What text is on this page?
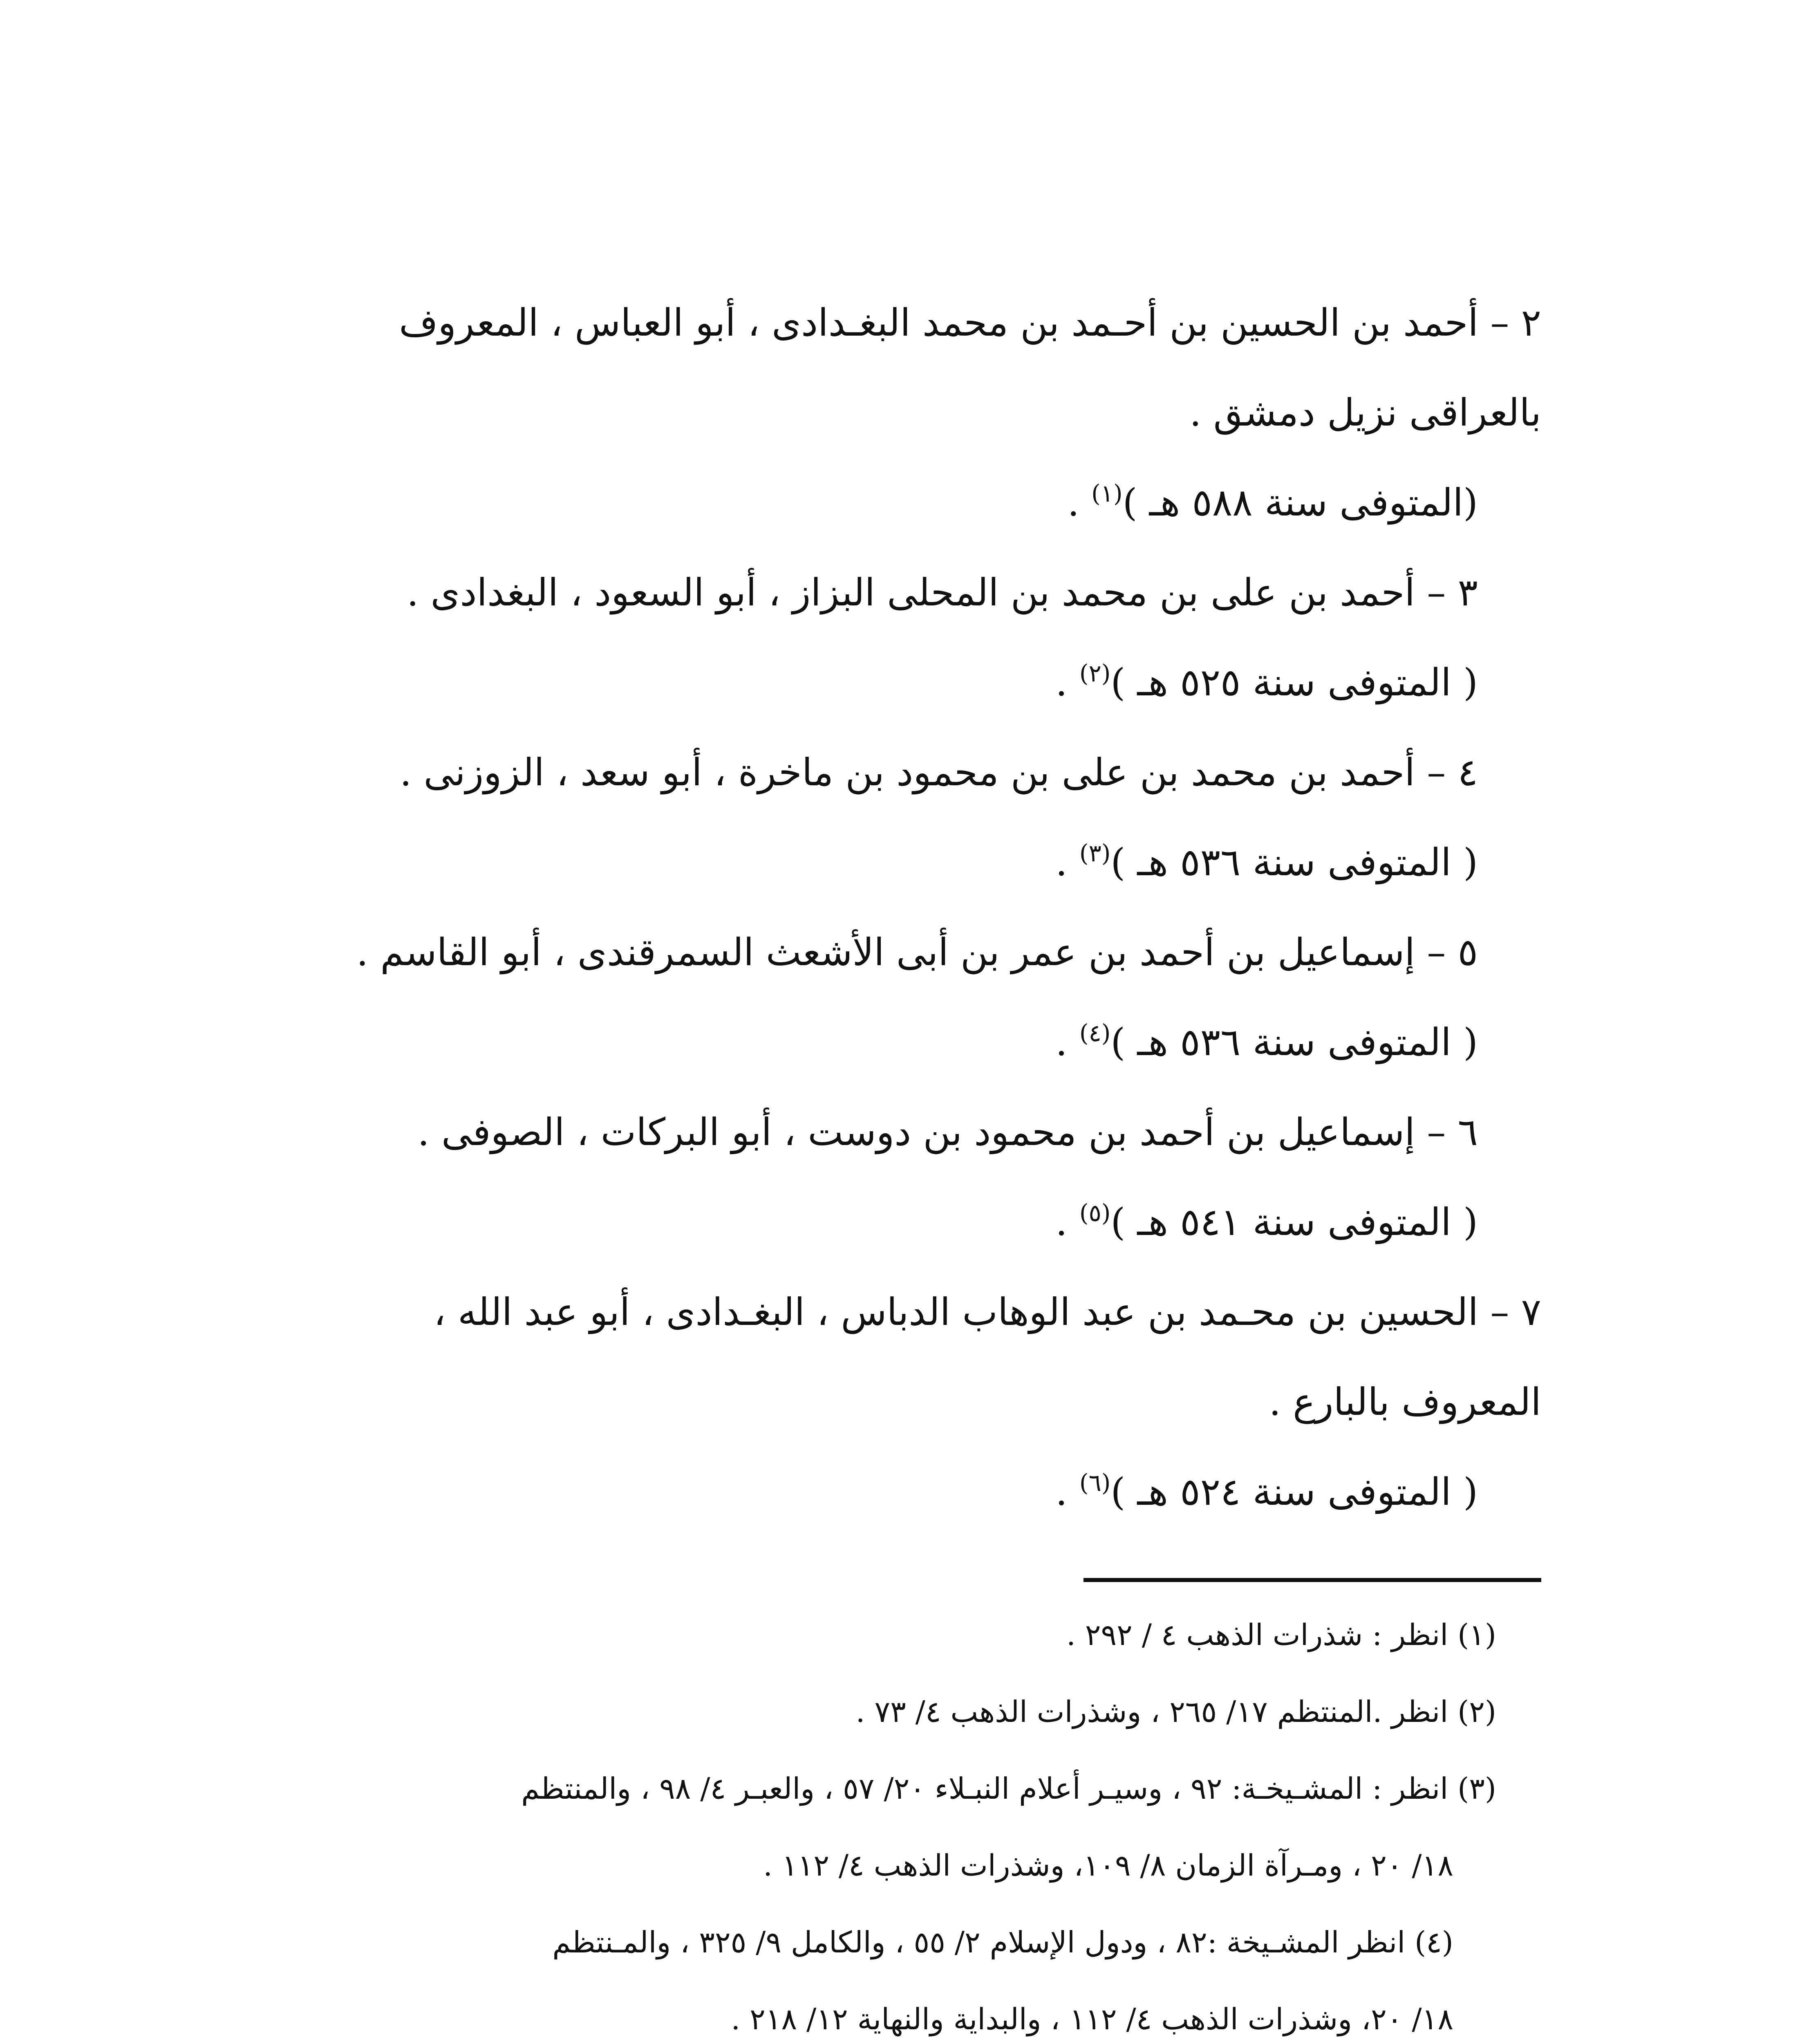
٢ – أحمد بن الحسين بن أحـمد بن محمد البغـدادى ، أبو العباس ، المعروف
بالعراقى نزيل دمشق .
(المتوفى سنة ٥٨٨ هـ )$^{(١)}$ .
٣ – أحمد بن على بن محمد بن المحلى البزاز ، أبو السعود ، البغدادى .
( المتوفى سنة ٥٢٥ هـ )$^{(٢)}$ .
٤ – أحمد بن محمد بن على بن محمود بن ماخرة ، أبو سعد ، الزوزنى .
( المتوفى سنة ٥٣٦ هـ )$^{(٣)}$ .
٥ – إسماعيل بن أحمد بن عمر بن أبى الأشعث السمرقندى ، أبو القاسم .
( المتوفى سنة ٥٣٦ هـ )$^{(٤)}$ .
٦ – إسماعيل بن أحمد بن محمود بن دوست ، أبو البركات ، الصوفى .
( المتوفى سنة ٥٤١ هـ )$^{(٥)}$ .
٧ – الحسين بن محـمد بن عبد الوهاب الدباس ، البغـدادى ، أبو عبد الله ،
المعروف بالبارع .
( المتوفى سنة ٥٢٤ هـ )$^{(٦)}$ .
(١) انظر : شذرات الذهب ٤ / ٢٩٢ .
(٢) انظر .المنتظم ١٧/ ٢٦٥ ، وشذرات الذهب ٤/ ٧٣ .
(٣) انظر : المشـيخـة: ٩٢ ، وسيـر أعلام النبـلاء ٢٠/ ٥٧ ، والعبـر ٤/ ٩٨ ، والمنتظم
١٨/ ٢٠ ، ومـرآة الزمان ٨/ ١٠٩، وشذرات الذهب ٤/ ١١٢ .
(٤) انظر المشـيخة :٨٢ ، ودول الإسلام ٢/ ٥٥ ، والكامل ٩/ ٣٢٥ ، والمـنتظم
١٨/ ٢٠، وشذرات الذهب ٤/ ١١٢ ، والبداية والنهاية ١٢/ ٢١٨ .
